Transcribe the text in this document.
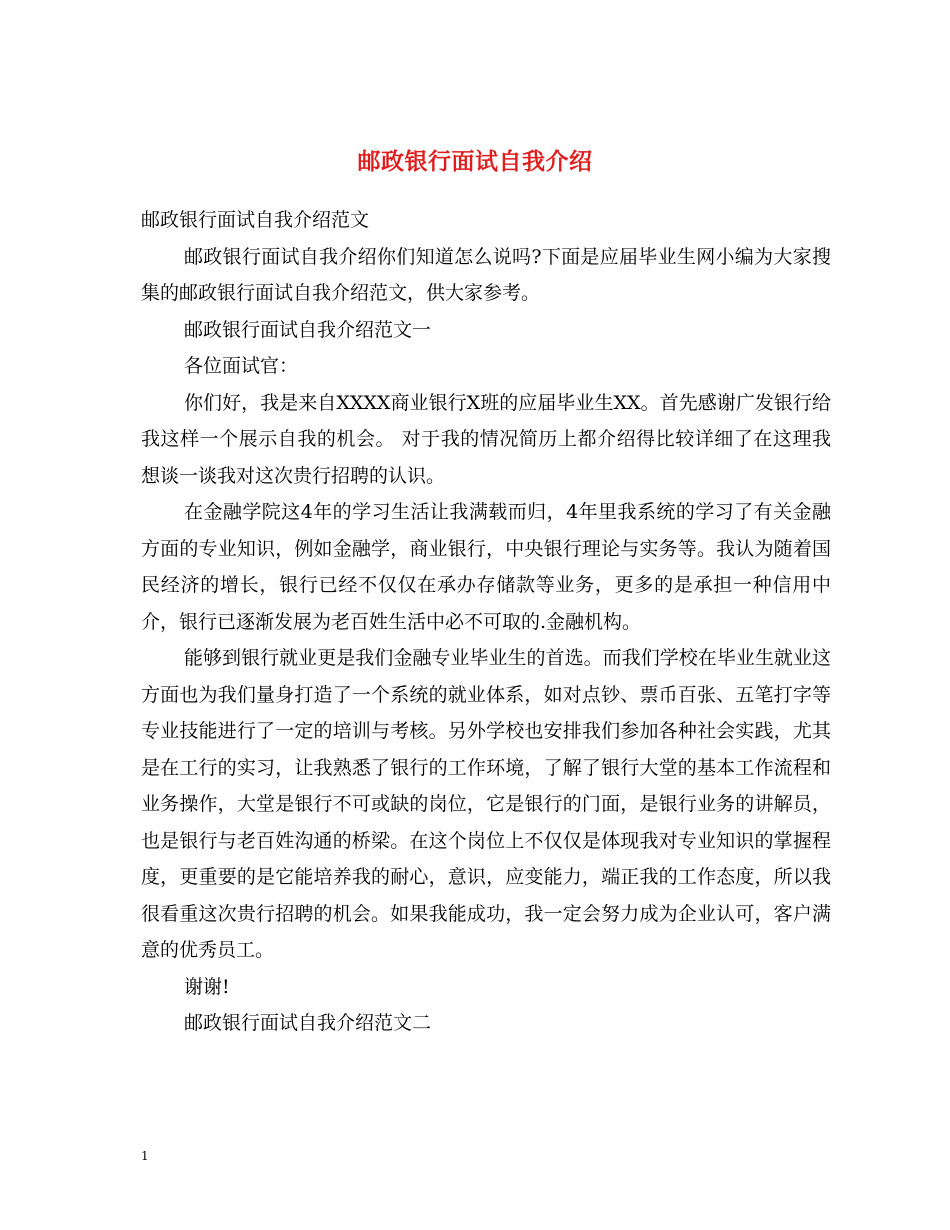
邮政银行面试自我介绍

邮政银行面试自我介绍范文

邮政银行面试自我介绍你们知道怎么说吗?下面是应届毕业生网小编为大家搜集的邮政银行面试自我介绍范文，供大家参考。

邮政银行面试自我介绍范文一

各位面试官：

你们好，我是来自XXXX商业银行X班的应届毕业生XX。首先感谢广发银行给我这样一个展示自我的机会。 对于我的情况简历上都介绍得比较详细了在这理我想谈一谈我对这次贵行招聘的认识。

在金融学院这4年的学习生活让我满载而归，4年里我系统的学习了有关金融方面的专业知识，例如金融学，商业银行，中央银行理论与实务等。我认为随着国民经济的增长，银行已经不仅仅在承办存储款等业务，更多的是承担一种信用中介，银行已逐渐发展为老百姓生活中必不可取的.金融机构。

能够到银行就业更是我们金融专业毕业生的首选。而我们学校在毕业生就业这方面也为我们量身打造了一个系统的就业体系，如对点钞、票币百张、五笔打字等专业技能进行了一定的培训与考核。另外学校也安排我们参加各种社会实践，尤其是在工行的实习，让我熟悉了银行的工作环境，了解了银行大堂的基本工作流程和业务操作，大堂是银行不可或缺的岗位，它是银行的门面，是银行业务的讲解员，也是银行与老百姓沟通的桥梁。在这个岗位上不仅仅是体现我对专业知识的掌握程度，更重要的是它能培养我的耐心，意识，应变能力，端正我的工作态度，所以我很看重这次贵行招聘的机会。如果我能成功，我一定会努力成为企业认可，客户满意的优秀员工。

谢谢!

邮政银行面试自我介绍范文二

1
